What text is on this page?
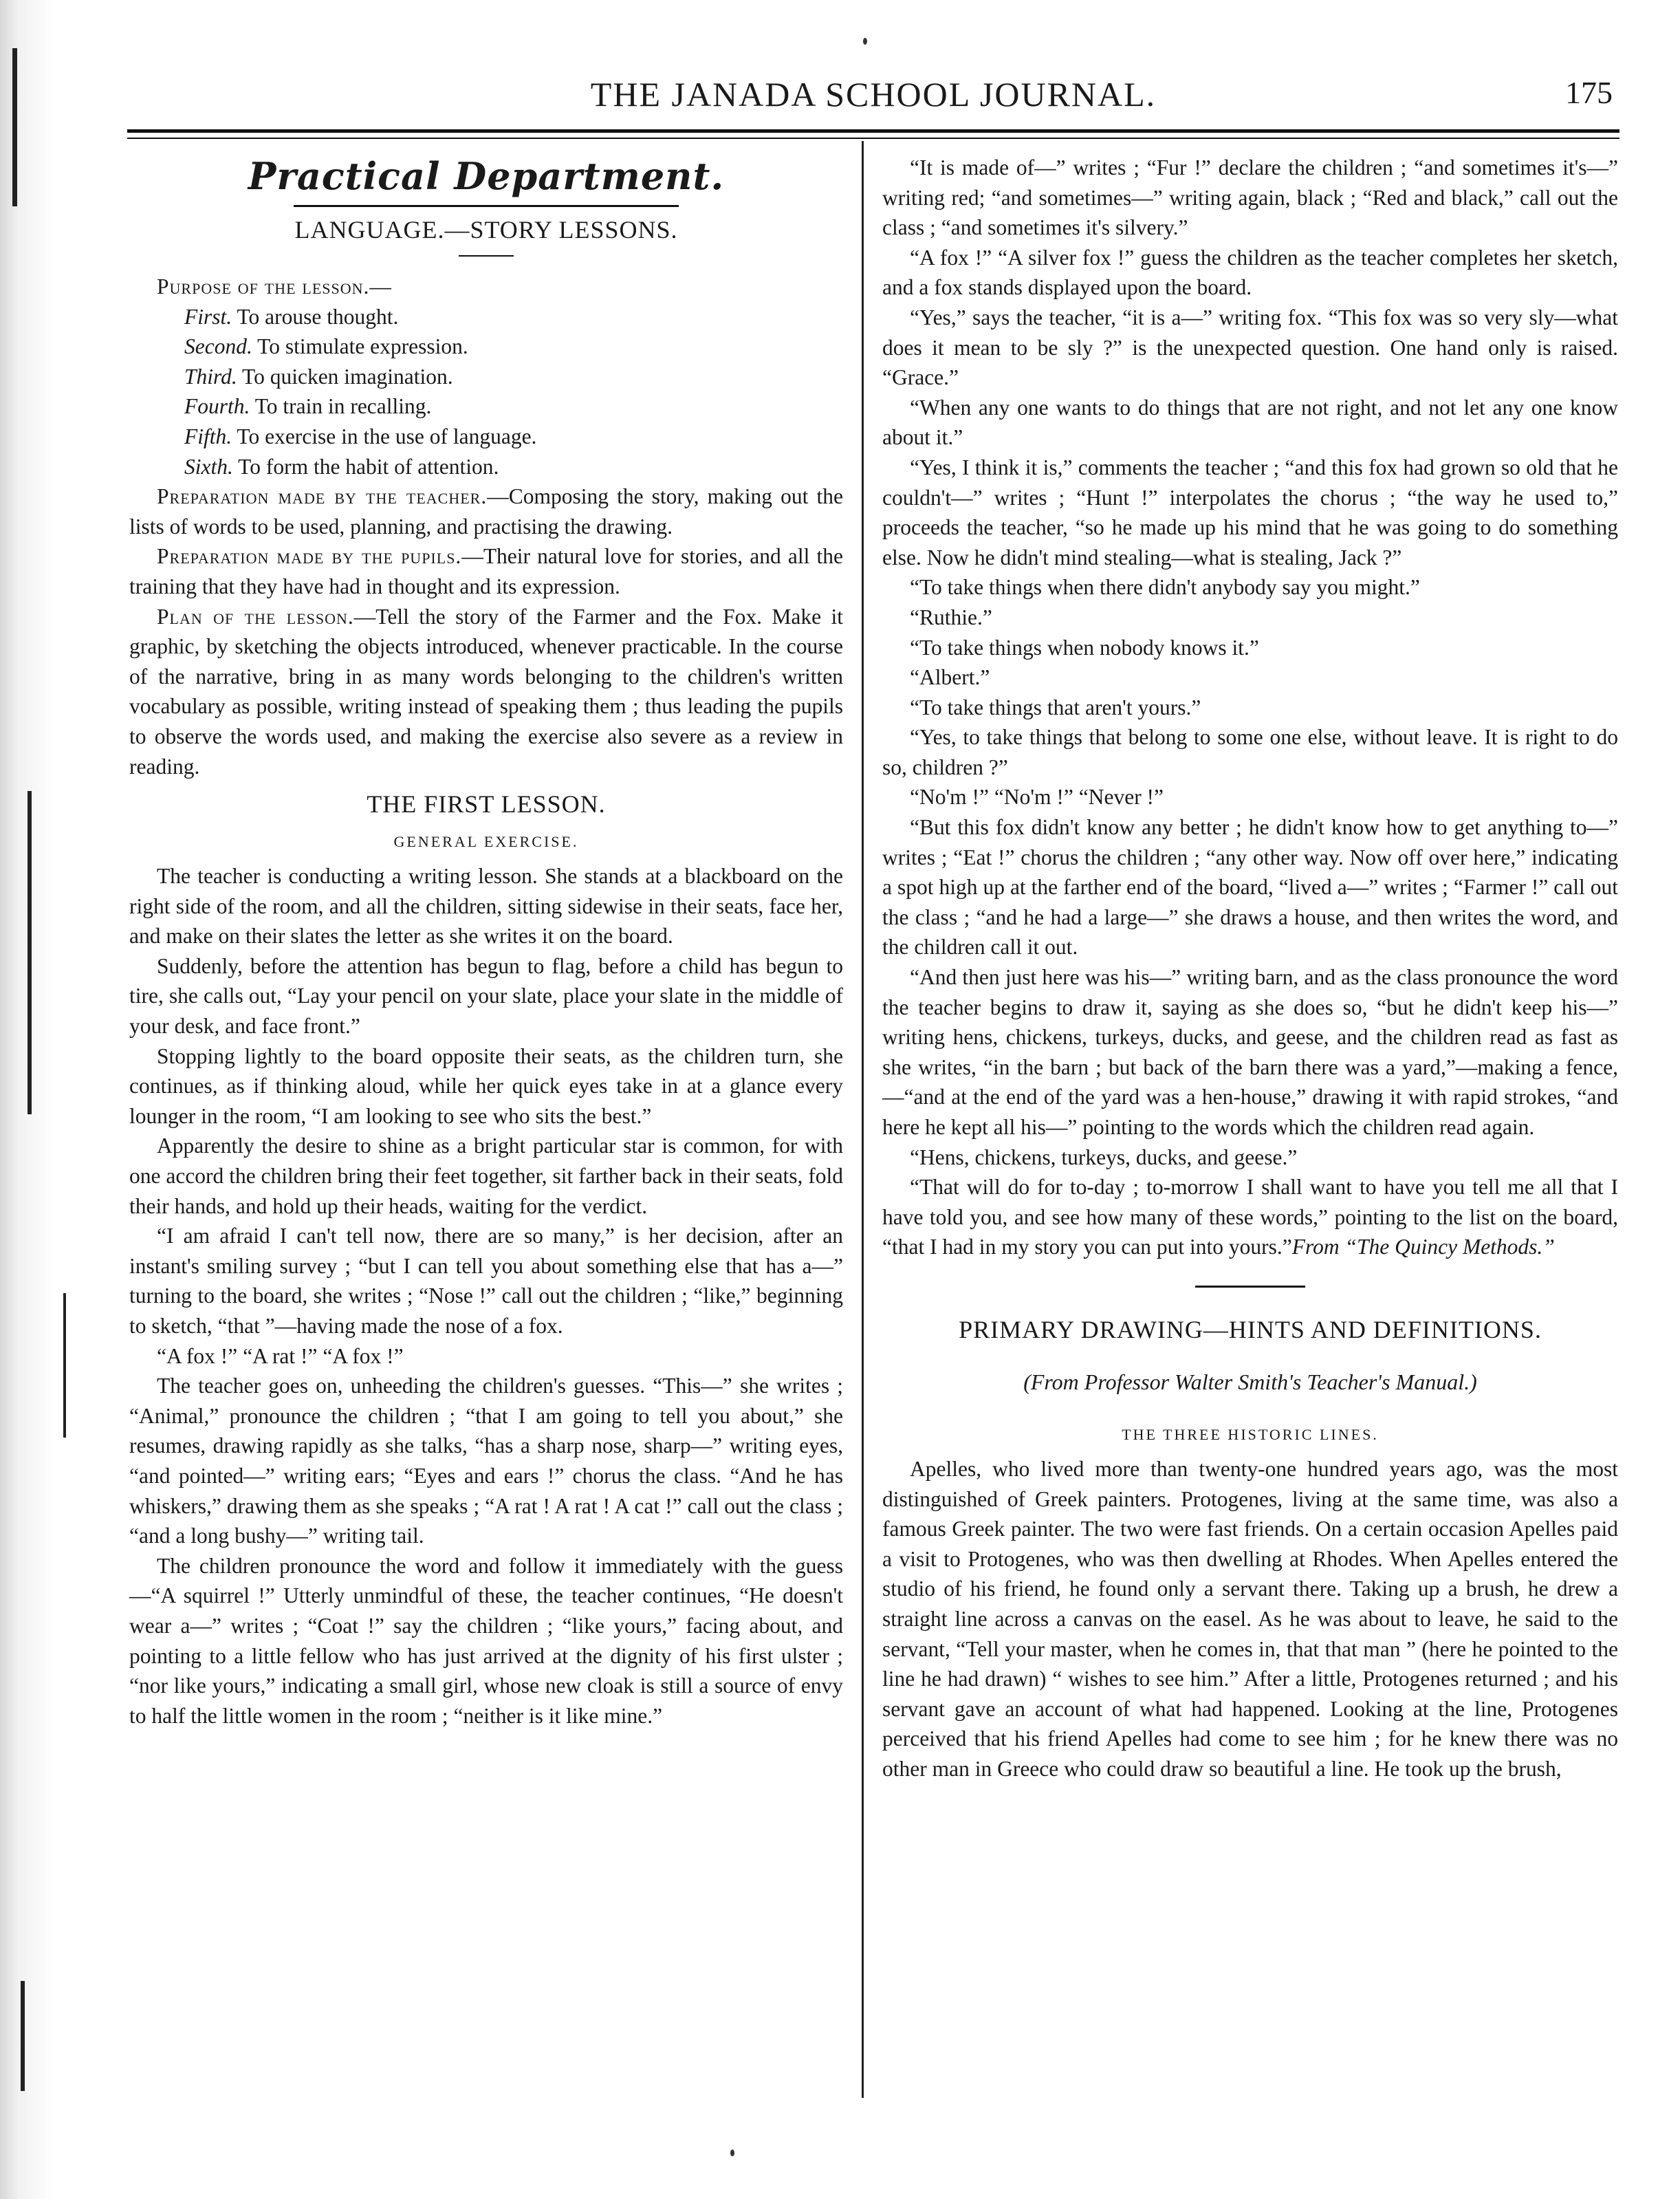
THE JANADA SCHOOL JOURNAL.	175
Practical Department.
LANGUAGE.—STORY LESSONS.

Purpose of the lesson.—

First. To arouse thought.
Second. To stimulate expression.
Third. To quicken imagination.
Fourth. To train in recalling.
Fifth. To exercise in the use of language.
Sixth. To form the habit of attention.

Preparation made by the teacher.—Composing the story, making out the lists of words to be used, planning, and practising the drawing.

Preparation made by the pupils.—Their natural love for stories, and all the training that they have had in thought and its expression.

Plan of the lesson.—Tell the story of the Farmer and the Fox. Make it graphic, by sketching the objects introduced, whenever practicable. In the course of the narrative, bring in as many words belonging to the children's written vocabulary as possible, writing instead of speaking them ; thus leading the pupils to observe the words used, and making the exercise also severe as a review in reading.

THE FIRST LESSON.
GENERAL EXERCISE.

The teacher is conducting a writing lesson. She stands at a blackboard on the right side of the room, and all the children, sitting sidewise in their seats, face her, and make on their slates the letter as she writes it on the board.

Suddenly, before the attention has begun to flag, before a child has begun to tire, she calls out, “Lay your pencil on your slate, place your slate in the middle of your desk, and face front.”

Stopping lightly to the board opposite their seats, as the children turn, she continues, as if thinking aloud, while her quick eyes take in at a glance every lounger in the room, “I am looking to see who sits the best.”

Apparently the desire to shine as a bright particular star is common, for with one accord the children bring their feet together, sit farther back in their seats, fold their hands, and hold up their heads, waiting for the verdict.

“I am afraid I can't tell now, there are so many,” is her decision, after an instant's smiling survey ; “but I can tell you about something else that has a—” turning to the board, she writes ; “Nose !” call out the children ; “like,” beginning to sketch, “that ”—having made the nose of a fox.

“A fox !” “A rat !” “A fox !”

The teacher goes on, unheeding the children's guesses. “This—” she writes ; “Animal,” pronounce the children ; “that I am going to tell you about,” she resumes, drawing rapidly as she talks, “has a sharp nose, sharp—” writing eyes, “and pointed—” writing ears; “Eyes and ears !” chorus the class. “And he has whiskers,” drawing them as she speaks ; “A rat ! A rat ! A cat !” call out the class ; “and a long bushy—” writing tail.

The children pronounce the word and follow it immediately with the guess—“A squirrel !” Utterly unmindful of these, the teacher continues, “He doesn't wear a—” writes ; “Coat !” say the children ; “like yours,” facing about, and pointing to a little fellow who has just arrived at the dignity of his first ulster ; “nor like yours,” indicating a small girl, whose new cloak is still a source of envy to half the little women in the room ; “neither is it like mine.”

“It is made of—” writes ; “Fur !” declare the children ; “and sometimes it's—” writing red; “and sometimes—” writing again, black ; “Red and black,” call out the class ; “and sometimes it's silvery.”

“A fox !” “A silver fox !” guess the children as the teacher completes her sketch, and a fox stands displayed upon the board.

“Yes,” says the teacher, “it is a—” writing fox. “This fox was so very sly—what does it mean to be sly ?” is the unexpected question. One hand only is raised. “Grace.”

“When any one wants to do things that are not right, and not let any one know about it.”

“Yes, I think it is,” comments the teacher ; “and this fox had grown so old that he couldn't—” writes ; “Hunt !” interpolates the chorus ; “the way he used to,” proceeds the teacher, “so he made up his mind that he was going to do something else. Now he didn't mind stealing—what is stealing, Jack ?”

“To take things when there didn't anybody say you might.”

“Ruthie.”

“To take things when nobody knows it.”

“Albert.”

“To take things that aren't yours.”

“Yes, to take things that belong to some one else, without leave. It is right to do so, children ?”

“No'm !” “No'm !” “Never !”

“But this fox didn't know any better ; he didn't know how to get anything to—” writes ; “Eat !” chorus the children ; “any other way. Now off over here,” indicating a spot high up at the farther end of the board, “lived a—” writes ; “Farmer !” call out the class ; “and he had a large—” she draws a house, and then writes the word, and the children call it out.

“And then just here was his—” writing barn, and as the class pronounce the word the teacher begins to draw it, saying as she does so, “but he didn't keep his—” writing hens, chickens, turkeys, ducks, and geese, and the children read as fast as she writes, “in the barn ; but back of the barn there was a yard,”—making a fence,—“and at the end of the yard was a hen-house,” drawing it with rapid strokes, “and here he kept all his—” pointing to the words which the children read again.

“Hens, chickens, turkeys, ducks, and geese.”

“That will do for to-day ; to-morrow I shall want to have you tell me all that I have told you, and see how many of these words,” pointing to the list on the board, “that I had in my story you can put into yours.”From “The Quincy Methods.”

PRIMARY DRAWING—HINTS AND DEFINITIONS.
(From Professor Walter Smith's Teacher's Manual.)
THE THREE HISTORIC LINES.

Apelles, who lived more than twenty-one hundred years ago, was the most distinguished of Greek painters. Protogenes, living at the same time, was also a famous Greek painter. The two were fast friends. On a certain occasion Apelles paid a visit to Protogenes, who was then dwelling at Rhodes. When Apelles entered the studio of his friend, he found only a servant there. Taking up a brush, he drew a straight line across a canvas on the easel. As he was about to leave, he said to the servant, “Tell your master, when he comes in, that that man ” (here he pointed to the line he had drawn) “ wishes to see him.” After a little, Protogenes returned ; and his servant gave an account of what had happened. Looking at the line, Protogenes perceived that his friend Apelles had come to see him ; for he knew there was no other man in Greece who could draw so beautiful a line. He took up the brush,
